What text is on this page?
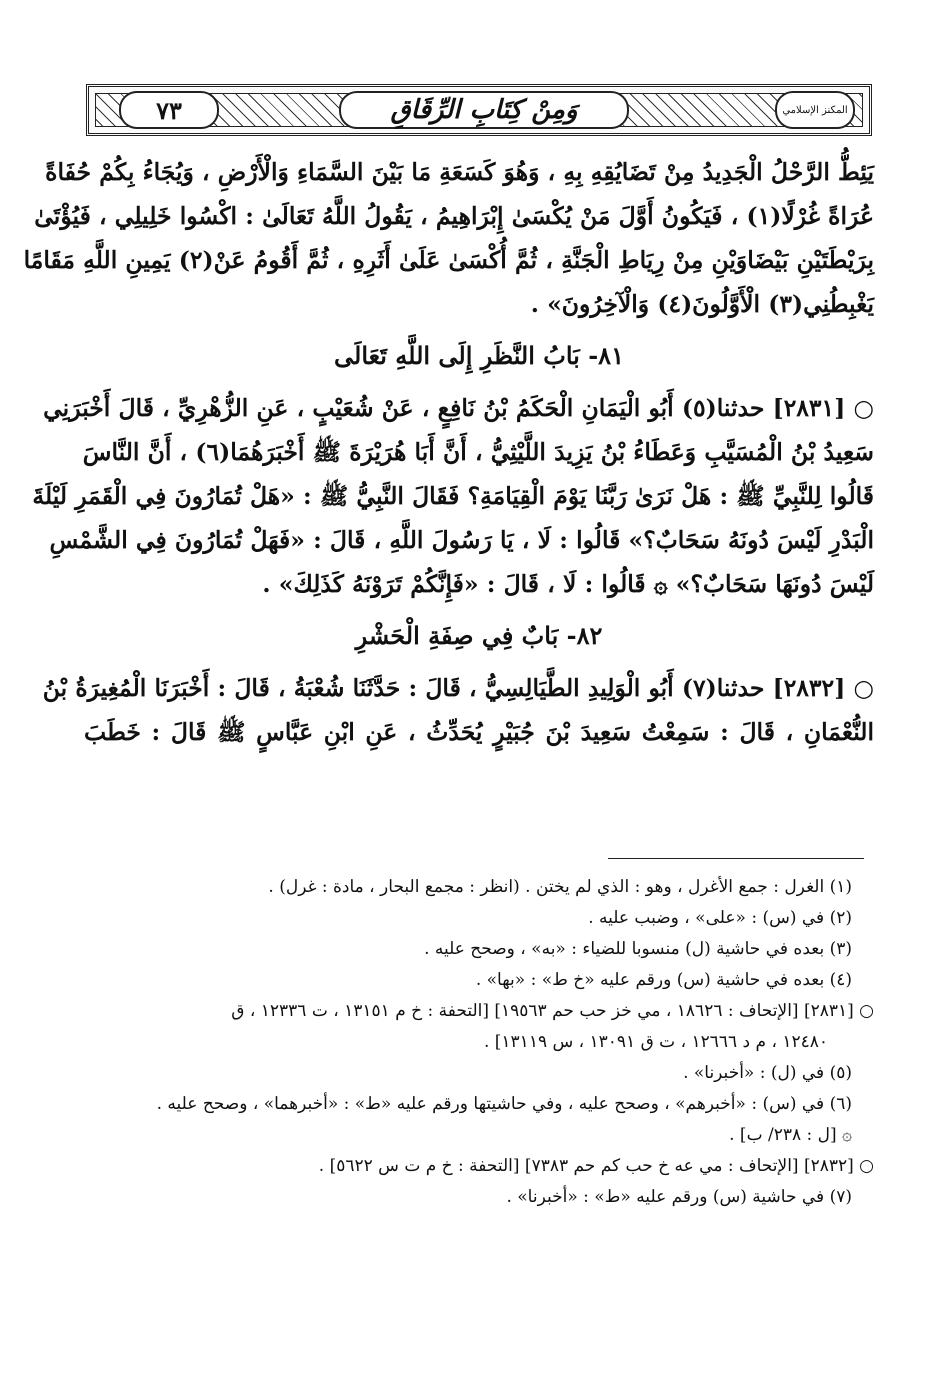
المكنز الإسلامي
وَمِنْ كِتَابِ الرِّقَاقِ
٧٣
يَئِطُّ الرَّحْلُ الْجَدِيدُ مِنْ تَضَايُقِهِ بِهِ ، وَهُوَ كَسَعَةِ مَا بَيْنَ السَّمَاءِ وَالْأَرْضِ ، وَيُجَاءُ بِكُمْ حُفَاةً
عُرَاةً غُرْلًا(١) ، فَيَكُونُ أَوَّلَ مَنْ يُكْسَىٰ إِبْرَاهِيمُ ، يَقُولُ اللَّهُ تَعَالَىٰ : اكْسُوا خَلِيلِي ، فَيُؤْتَىٰ
بِرَيْطَتَيْنِ بَيْضَاوَيْنِ مِنْ رِيَاطِ الْجَنَّةِ ، ثُمَّ أُكْسَىٰ عَلَىٰ أَثَرِهِ ، ثُمَّ أَقُومُ عَنْ(٢) يَمِينِ اللَّهِ مَقَامًا
يَغْبِطُنِي(٣) الْأَوَّلُونَ(٤) وَالْآخِرُونَ» .
٨١- بَابُ النَّظَرِ إِلَى اللَّهِ تَعَالَى
○ [٢٨٣١] حدثنا(٥) أَبُو الْيَمَانِ الْحَكَمُ بْنُ نَافِعٍ ، عَنْ شُعَيْبٍ ، عَنِ الزُّهْرِيِّ ، قَالَ أَخْبَرَنِي
سَعِيدُ بْنُ الْمُسَيَّبِ وَعَطَاءُ بْنُ يَزِيدَ اللَّيْثِيُّ ، أَنَّ أَبَا هُرَيْرَةَ ﷺ أَخْبَرَهُمَا(٦) ، أَنَّ النَّاسَ
قَالُوا لِلنَّبِيِّ ﷺ : هَلْ نَرَىٰ رَبَّنَا يَوْمَ الْقِيَامَةِ؟ فَقَالَ النَّبِيُّ ﷺ : «هَلْ تُمَارُونَ فِي الْقَمَرِ لَيْلَةَ
الْبَدْرِ لَيْسَ دُونَهُ سَحَابٌ؟» قَالُوا : لَا ، يَا رَسُولَ اللَّهِ ، قَالَ : «فَهَلْ تُمَارُونَ فِي الشَّمْسِ
لَيْسَ دُونَهَا سَحَابٌ؟» ۞ قَالُوا : لَا ، قَالَ : «فَإِنَّكُمْ تَرَوْنَهُ كَذَلِكَ» .
٨٢- بَابٌ فِي صِفَةِ الْحَشْرِ
○ [٢٨٣٢] حدثنا(٧) أَبُو الْوَلِيدِ الطَّيَالِسِيُّ ، قَالَ : حَدَّثَنَا شُعْبَةُ ، قَالَ : أَخْبَرَنَا الْمُغِيرَةُ بْنُ
النُّعْمَانِ ، قَالَ : سَمِعْتُ سَعِيدَ بْنَ جُبَيْرٍ يُحَدِّثُ ، عَنِ ابْنِ عَبَّاسٍ ﷺ قَالَ : خَطَبَ
(١) الغرل : جمع الأغرل ، وهو : الذي لم يختن . (انظر : مجمع البحار ، مادة : غرل) .
(٢) في (س) : «على» ، وضبب عليه .
(٣) بعده في حاشية (ل) منسوبا للضياء : «به» ، وصحح عليه .
(٤) بعده في حاشية (س) ورقم عليه «خ ط» : «بها» .
○ [٢٨٣١] [الإتحاف : ١٨٦٢٦ ، مي خز حب حم ١٩٥٦٣] [التحفة : خ م ١٣١٥١ ، ت ١٢٣٣٦ ، ق
١٢٤٨٠ ، م د ١٢٦٦٦ ، ت ق ١٣٠٩١ ، س ١٣١١٩] .
(٥) في (ل) : «أخبرنا» .
(٦) في (س) : «أخبرهم» ، وصحح عليه ، وفي حاشيتها ورقم عليه «ط» : «أخبرهما» ، وصحح عليه .
۞ [ل : ٢٣٨/ ب] .
○ [٢٨٣٢] [الإتحاف : مي عه خ حب كم حم ٧٣٨٣] [التحفة : خ م ت س ٥٦٢٢] .
(٧) في حاشية (س) ورقم عليه «ط» : «أخبرنا» .
